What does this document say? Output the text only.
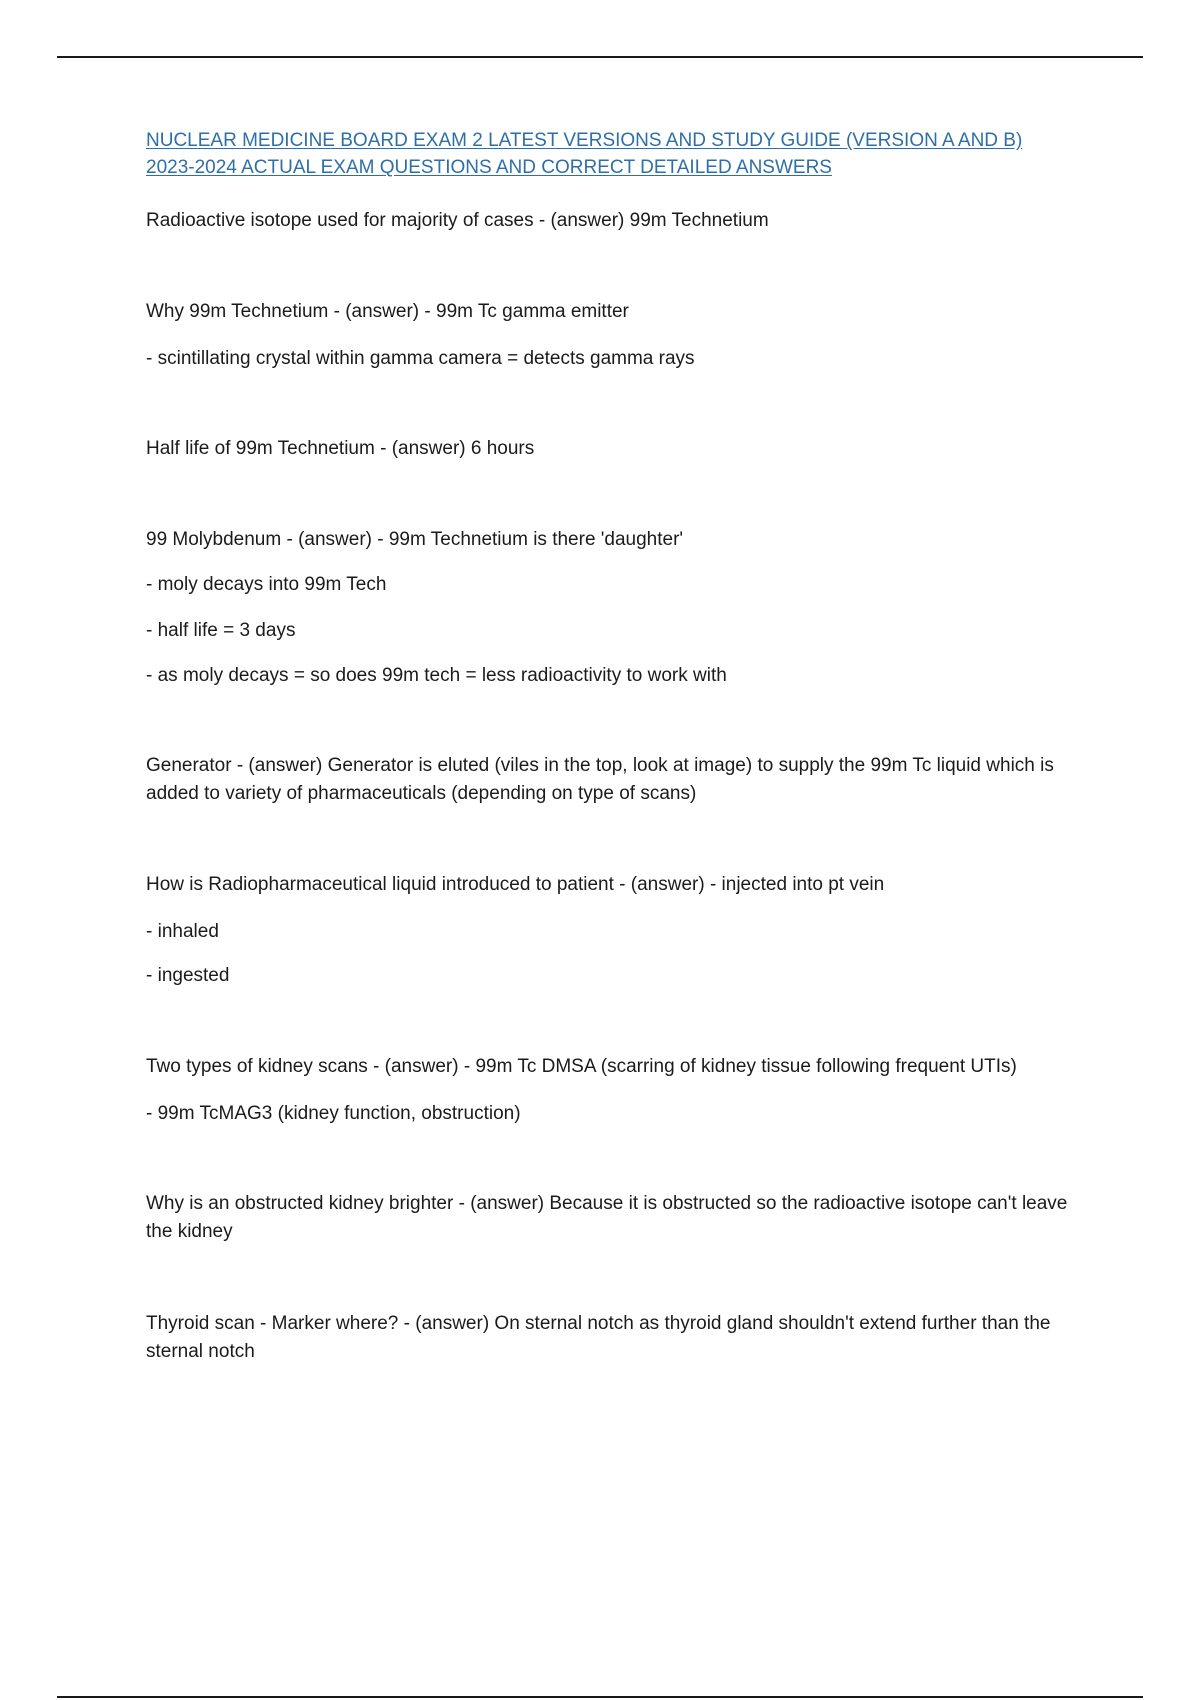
NUCLEAR MEDICINE BOARD EXAM 2 LATEST VERSIONS AND STUDY GUIDE (VERSION A AND B) 2023-2024 ACTUAL EXAM QUESTIONS AND CORRECT DETAILED ANSWERS

Radioactive isotope used for majority of cases - (answer) 99m Technetium

Why 99m Technetium - (answer) - 99m Tc gamma emitter

- scintillating crystal within gamma camera = detects gamma rays

Half life of 99m Technetium - (answer) 6 hours

99 Molybdenum - (answer) - 99m Technetium is there 'daughter'

- moly decays into 99m Tech

- half life = 3 days

- as moly decays = so does 99m tech = less radioactivity to work with

Generator - (answer) Generator is eluted (viles in the top, look at image) to supply the 99m Tc liquid which is added to variety of pharmaceuticals (depending on type of scans)

How is Radiopharmaceutical liquid introduced to patient - (answer) - injected into pt vein

- inhaled

- ingested

Two types of kidney scans - (answer) - 99m Tc DMSA (scarring of kidney tissue following frequent UTIs)

- 99m TcMAG3 (kidney function, obstruction)

Why is an obstructed kidney brighter - (answer) Because it is obstructed so the radioactive isotope can't leave the kidney

Thyroid scan - Marker where? - (answer) On sternal notch as thyroid gland shouldn't extend further than the sternal notch
